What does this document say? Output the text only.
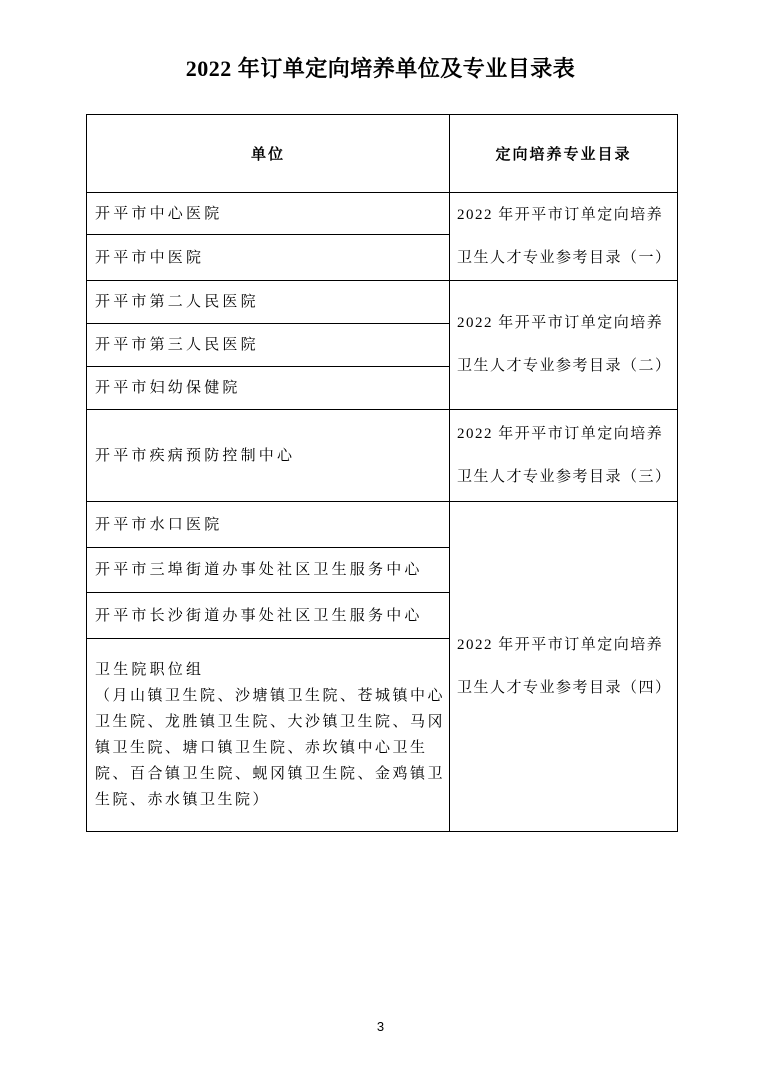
2022 年订单定向培养单位及专业目录表
单位	定向培养专业目录
开平市中心医院	2022 年开平市订单定向培养
卫生人才专业参考目录（一）

开平市中医院	
开平市第二人民医院	2022 年开平市订单定向培养
卫生人才专业参考目录（二）

开平市第三人民医院	
开平市妇幼保健院	
开平市疾病预防控制中心	2022 年开平市订单定向培养
卫生人才专业参考目录（三）

开平市水口医院	2022 年开平市订单定向培养
卫生人才专业参考目录（四）

开平市三埠街道办事处社区卫生服务中心	
开平市长沙街道办事处社区卫生服务中心	

卫生院职位组
（月山镇卫生院、沙塘镇卫生院、苍城镇中心卫生院、龙胜镇卫生院、大沙镇卫生院、马冈镇卫生院、塘口镇卫生院、赤坎镇中心卫生院、百合镇卫生院、蚬冈镇卫生院、金鸡镇卫生院、赤水镇卫生院）	
3
